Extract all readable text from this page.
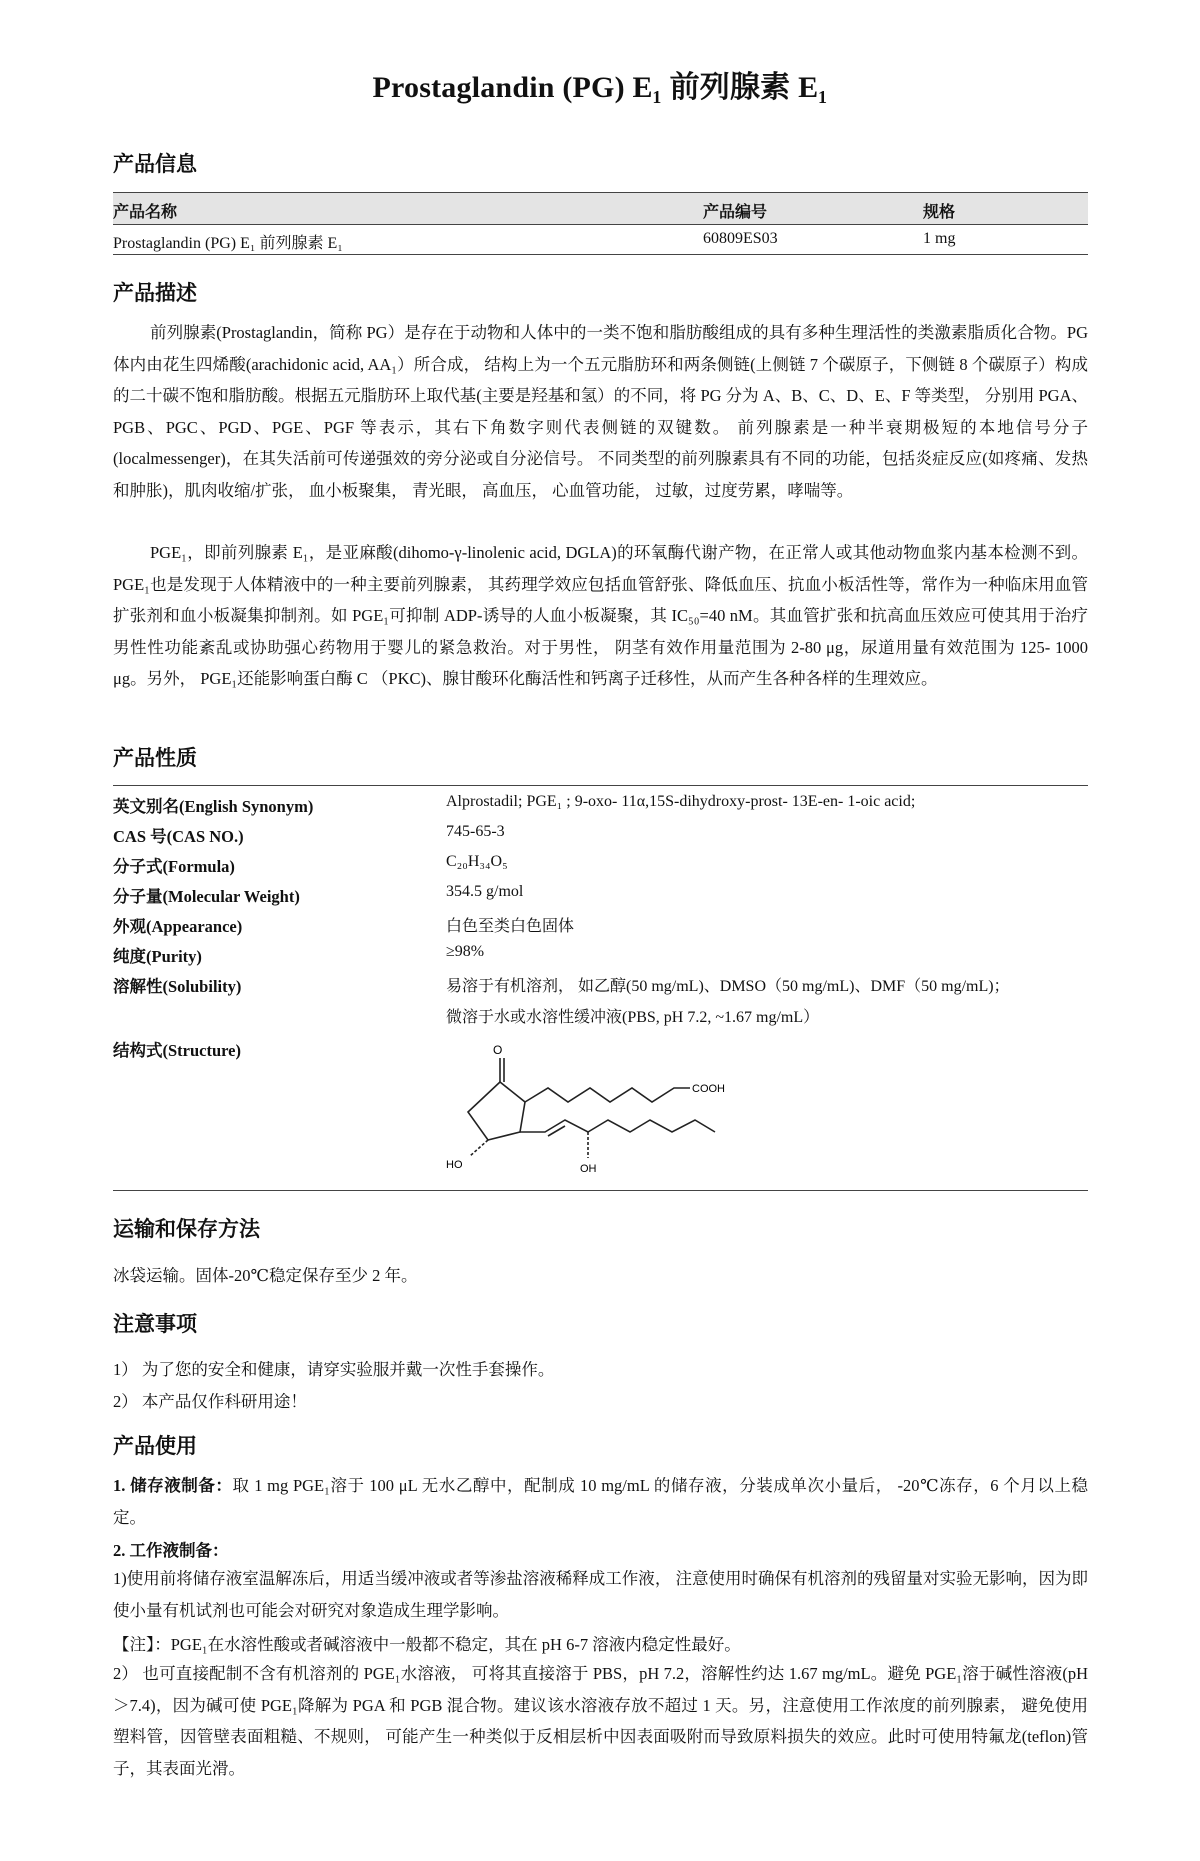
Prostaglandin (PG) E₁ 前列腺素 E₁
产品信息
产品名称	产品编号	规格
Prostaglandin (PG) E₁ 前列腺素 E₁	60809ES03	1 mg
产品描述
前列腺素(Prostaglandin，简称 PG）是存在于动物和人体中的一类不饱和脂肪酸组成的具有多种生理活性的类激素脂质化合物。PG 体内由花生四烯酸(arachidonic acid, AA₁）所合成， 结构上为一个五元脂肪环和两条侧链(上侧链 7 个碳原子，下侧链 8 个碳原子）构成的二十碳不饱和脂肪酸。根据五元脂肪环上取代基(主要是羟基和氢）的不同，将 PG 分为 A、B、C、D、E、F 等类型， 分别用 PGA、PGB、PGC、PGD、PGE、PGF 等表示，其右下角数字则代表侧链的双键数。 前列腺素是一种半衰期极短的本地信号分子(localmessenger)，在其失活前可传递强效的旁分泌或自分泌信号。 不同类型的前列腺素具有不同的功能，包括炎症反应(如疼痛、发热和肿胀)，肌肉收缩/扩张， 血小板聚集， 青光眼， 高血压， 心血管功能， 过敏，过度劳累，哮喘等。
PGE₁，即前列腺素 E₁，是亚麻酸(dihomo-γ-linolenic acid, DGLA)的环氧酶代谢产物，在正常人或其他动物血浆内基本检测不到。 PGE₁也是发现于人体精液中的一种主要前列腺素， 其药理学效应包括血管舒张、降低血压、抗血小板活性等，常作为一种临床用血管扩张剂和血小板凝集抑制剂。如 PGE₁可抑制 ADP-诱导的人血小板凝聚，其 IC₅₀=40 nM。其血管扩张和抗高血压效应可使其用于治疗男性性功能紊乱或协助强心药物用于婴儿的紧急救治。对于男性， 阴茎有效作用量范围为 2-80 μg，尿道用量有效范围为 125- 1000 μg。另外， PGE₁还能影响蛋白酶 C （PKC)、腺甘酸环化酶活性和钙离子迁移性，从而产生各种各样的生理效应。
产品性质
英文别名(English Synonym)	Alprostadil; PGE₁ ; 9-oxo- 11α,15S-dihydroxy-prost- 13E-en- 1-oic acid;
CAS 号(CAS NO.)	745-65-3
分子式(Formula)	C₂₀H₃₄O₅
分子量(Molecular Weight)	354.5 g/mol
外观(Appearance)	白色至类白色固体
纯度(Purity)	≥98%
溶解性(Solubility)	易溶于有机溶剂， 如乙醇(50 mg/mL)、DMSO（50 mg/mL)、DMF（50 mg/mL)；
微溶于水或水溶性缓冲液(PBS, pH 7.2, ~1.67 mg/mL）
结构式(Structure)	O
COOH
HO	OH
运输和保存方法
冰袋运输。固体-20℃稳定保存至少 2 年。
注意事项
1） 为了您的安全和健康，请穿实验服并戴一次性手套操作。
2） 本产品仅作科研用途！
产品使用
1. 储存液制备：取 1 mg PGE₁溶于 100 μL 无水乙醇中，配制成 10 mg/mL 的储存液，分装成单次小量后， -20℃冻存，6 个月以上稳定。
2. 工作液制备：
1)使用前将储存液室温解冻后，用适当缓冲液或者等渗盐溶液稀释成工作液， 注意使用时确保有机溶剂的残留量对实验无影响，因为即使小量有机试剂也可能会对研究对象造成生理学影响。
【注】：PGE₁在水溶性酸或者碱溶液中一般都不稳定，其在 pH 6-7 溶液内稳定性最好。
2） 也可直接配制不含有机溶剂的 PGE₁水溶液， 可将其直接溶于 PBS，pH 7.2，溶解性约达 1.67 mg/mL。避免 PGE₁溶于碱性溶液(pH＞7.4)，因为碱可使 PGE₁降解为 PGA 和 PGB 混合物。建议该水溶液存放不超过 1 天。另，注意使用工作浓度的前列腺素， 避免使用塑料管，因管壁表面粗糙、不规则， 可能产生一种类似于反相层析中因表面吸附而导致原料损失的效应。此时可使用特氟龙(teflon)管子，其表面光滑。
